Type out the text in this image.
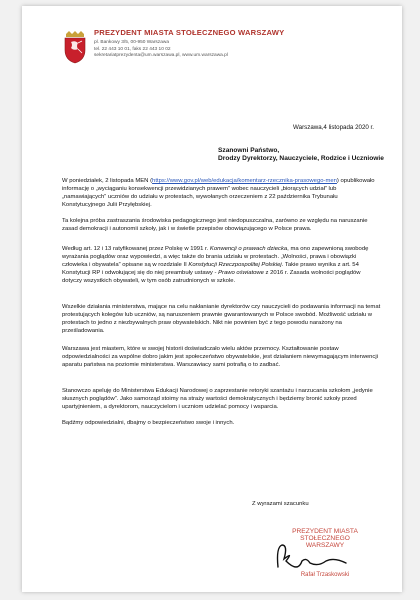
PREZYDENT MIASTA STOŁECZNEGO WARSZAWY
pl. Bankowy 3/5, 00-950 Warszawa
tel. 22 443 10 01, faks 22 443 10 02
sekretariatprezydenta@um.warszawa.pl, www.um.warszawa.pl
Warszawa,4 listopada 2020 r.
Szanowni Państwo,
Drodzy Dyrektorzy, Nauczyciele, Rodzice i Uczniowie

W poniedziałek, 2 listopada MEN (https://www.gov.pl/web/edukacja/komentarz-rzecznika-prasowego-men) opublikowało informację o „wyciąganiu konsekwencji przewidzianych prawem” wobec nauczycieli „biorących udział” lub „namawiających” uczniów do udziału w protestach, wywołanych orzeczeniem z 22 października Trybunału Konstytucyjnego Julii Przyłębskiej.

Ta kolejna próba zastraszania środowiska pedagogicznego jest niedopuszczalna, zarówno ze względu na naruszanie zasad demokracji i autonomii szkoły, jak i w świetle przepisów obowiązującego w Polsce prawa.

Według art. 12 i 13 ratyfikowanej przez Polskę w 1991 r. Konwencji o prawach dziecka, ma ono zapewnioną swobodę wyrażania poglądów oraz wypowiedzi, a więc także do brania udziału w protestach. „Wolności, prawa i obowiązki człowieka i obywatela” opisane są w rozdziale II Konstytucji Rzeczpospolitej Polskiej. Takie prawo wynika z art. 54 Konstytucji RP i odwołującej się do niej preambuły ustawy - Prawo oświatowe z 2016 r. Zasada wolności poglądów dotyczy wszystkich obywateli, w tym osób zatrudnionych w szkole.

Wszelkie działania ministerstwa, mające na celu nakłanianie dyrektorów czy nauczycieli do podawania informacji na temat protestujących kolegów lub uczniów, są naruszeniem prawnie gwarantowanych w Polsce swobód. Możliwość udziału w protestach to jedno z niezbywalnych praw obywatelskich. Nikt nie powinien być z tego powodu narażony na prześladowania.

Warszawa jest miastem, które w swojej historii doświadczało wielu aktów przemocy. Kształtowanie postaw odpowiedzialności za wspólne dobro jakim jest społeczeństwo obywatelskie, jest działaniem niewymagającym interwencji aparatu państwa na poziomie ministerstwa. Warszawiacy sami potrafią o to zadbać.

Stanowczo apeluję do Ministerstwa Edukacji Narodowej o zaprzestanie retoryki szantażu i narzucania szkołom „jedynie słusznych poglądów”. Jako samorząd stoimy na straży wartości demokratycznych i będziemy bronić szkoły przed upartyjnieniem, a dyrektorom, nauczycielom i uczniom udzielać pomocy i wsparcia.

Bądźmy odpowiedzialni, dbajmy o bezpieczeństwo swoje i innych.

Z wyrazami szacunku
PREZYDENT MIASTA
STOŁECZNEGO WARSZAWY
Rafał Trzaskowski
